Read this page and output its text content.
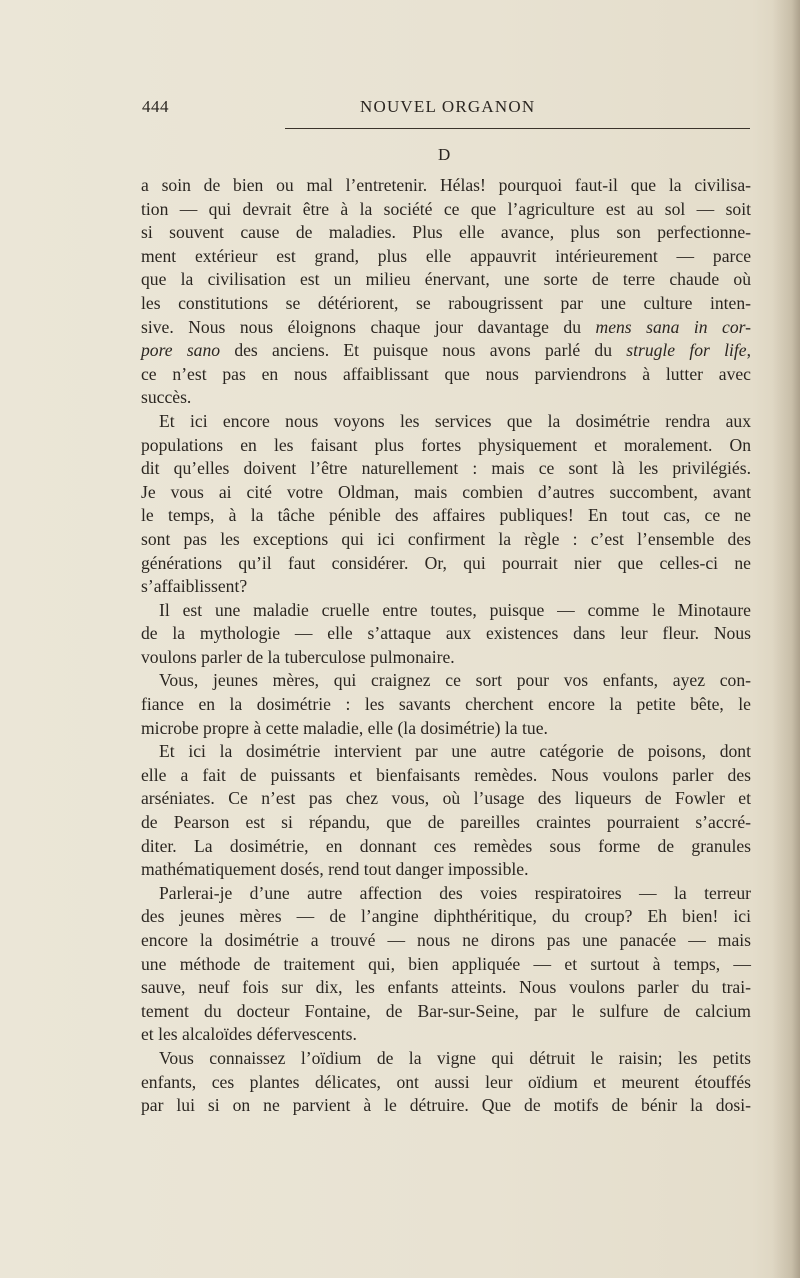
444	NOUVEL ORGANON
D
a soin de bien ou mal l’entretenir. Hélas! pourquoi faut-il que la civilisa-
tion — qui devrait être à la société ce que l’agriculture est au sol — soit
si souvent cause de maladies. Plus elle avance, plus son perfectionne-
ment extérieur est grand, plus elle appauvrit intérieurement — parce
que la civilisation est un milieu énervant, une sorte de terre chaude où
les constitutions se détériorent, se rabougrissent par une culture inten-
sive. Nous nous éloignons chaque jour davantage du mens sana in cor-
pore sano des anciens. Et puisque nous avons parlé du strugle for life,
ce n’est pas en nous affaiblissant que nous parviendrons à lutter avec
succès.
Et ici encore nous voyons les services que la dosimétrie rendra aux
populations en les faisant plus fortes physiquement et moralement. On
dit qu’elles doivent l’être naturellement : mais ce sont là les privilégiés.
Je vous ai cité votre Oldman, mais combien d’autres succombent, avant
le temps, à la tâche pénible des affaires publiques! En tout cas, ce ne
sont pas les exceptions qui ici confirment la règle : c’est l’ensemble des
générations qu’il faut considérer. Or, qui pourrait nier que celles-ci ne
s’affaiblissent?
Il est une maladie cruelle entre toutes, puisque — comme le Minotaure
de la mythologie — elle s’attaque aux existences dans leur fleur. Nous
voulons parler de la tuberculose pulmonaire.
Vous, jeunes mères, qui craignez ce sort pour vos enfants, ayez con-
fiance en la dosimétrie : les savants cherchent encore la petite bête, le
microbe propre à cette maladie, elle (la dosimétrie) la tue.
Et ici la dosimétrie intervient par une autre catégorie de poisons, dont
elle a fait de puissants et bienfaisants remèdes. Nous voulons parler des
arséniates. Ce n’est pas chez vous, où l’usage des liqueurs de Fowler et
de Pearson est si répandu, que de pareilles craintes pourraient s’accré-
diter. La dosimétrie, en donnant ces remèdes sous forme de granules
mathématiquement dosés, rend tout danger impossible.
Parlerai-je d’une autre affection des voies respiratoires — la terreur
des jeunes mères — de l’angine diphthéritique, du croup? Eh bien! ici
encore la dosimétrie a trouvé — nous ne dirons pas une panacée — mais
une méthode de traitement qui, bien appliquée — et surtout à temps, —
sauve, neuf fois sur dix, les enfants atteints. Nous voulons parler du trai-
tement du docteur Fontaine, de Bar-sur-Seine, par le sulfure de calcium
et les alcaloïdes défervescents.
Vous connaissez l’oïdium de la vigne qui détruit le raisin; les petits
enfants, ces plantes délicates, ont aussi leur oïdium et meurent étouffés
par lui si on ne parvient à le détruire. Que de motifs de bénir la dosi-
